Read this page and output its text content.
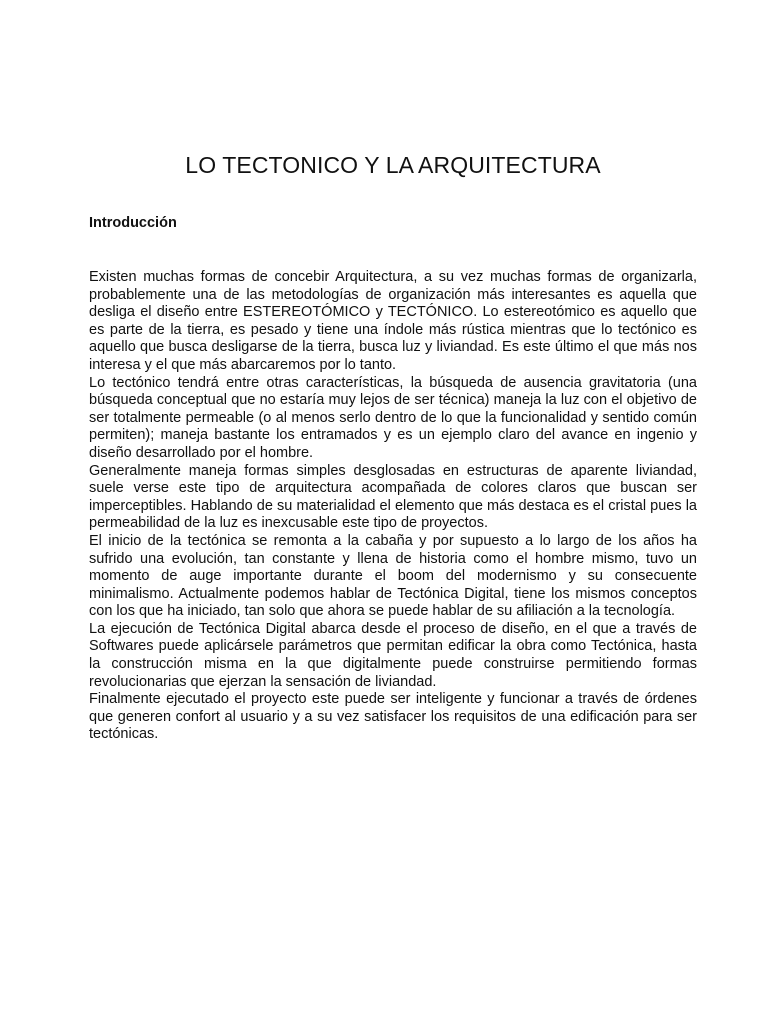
LO TECTONICO Y LA ARQUITECTURA
Introducción

Existen muchas formas de concebir Arquitectura, a su vez muchas formas de organizarla, probablemente una de las metodologías de organización más interesantes es aquella que desliga el diseño entre ESTEREOTÓMICO y TECTÓNICO. Lo estereotómico es aquello que es parte de la tierra, es pesado y tiene una índole más rústica mientras que lo tectónico es aquello que busca desligarse de la tierra, busca luz y liviandad. Es este último el que más nos interesa y el que más abarcaremos por lo tanto.

Lo tectónico tendrá entre otras características, la búsqueda de ausencia gravitatoria (una búsqueda conceptual que no estaría muy lejos de ser técnica) maneja la luz con el objetivo de ser totalmente permeable (o al menos serlo dentro de lo que la funcionalidad y sentido común permiten); maneja bastante los entramados y es un ejemplo claro del avance en ingenio y diseño desarrollado por el hombre.

Generalmente maneja formas simples desglosadas en estructuras de aparente liviandad, suele verse este tipo de arquitectura acompañada de colores claros que buscan ser imperceptibles. Hablando de su materialidad el elemento que más destaca es el cristal pues la permeabilidad de la luz es inexcusable este tipo de proyectos.

El inicio de la tectónica se remonta a la cabaña y por supuesto a lo largo de los años ha sufrido una evolución, tan constante y llena de historia como el hombre mismo, tuvo un momento de auge importante durante el boom del modernismo y su consecuente minimalismo. Actualmente podemos hablar de Tectónica Digital, tiene los mismos conceptos con los que ha iniciado, tan solo que ahora se puede hablar de su afiliación a la tecnología.

La ejecución de Tectónica Digital abarca desde el proceso de diseño, en el que a través de Softwares puede aplicársele parámetros que permitan edificar la obra como Tectónica, hasta la construcción misma en la que digitalmente puede construirse permitiendo formas revolucionarias que ejerzan la sensación de liviandad.

Finalmente ejecutado el proyecto este puede ser inteligente y funcionar a través de órdenes que generen confort al usuario y a su vez satisfacer los requisitos de una edificación para ser tectónicas.
